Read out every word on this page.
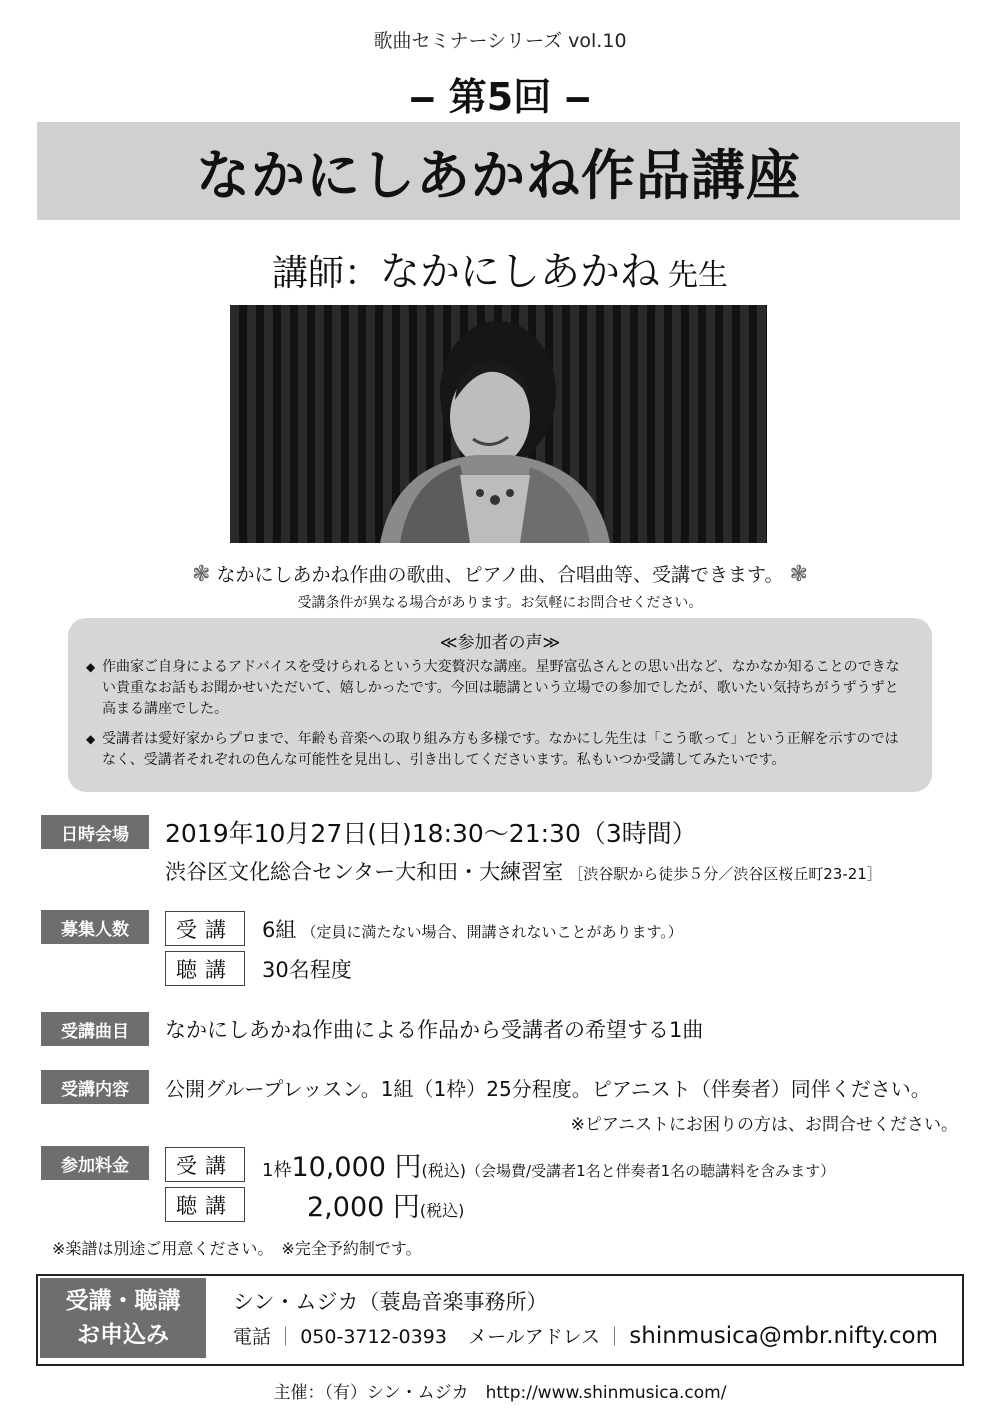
歌曲セミナーシリーズ vol.10
‒ 第5回 ‒
なかにしあかね作品講座
講師：なかにしあかね 先生
❃ なかにしあかね作曲の歌曲、ピアノ曲、合唱曲等、受講できます。 ❃
受講条件が異なる場合があります。お気軽にお問合せください。
≪参加者の声≫
◆ 作曲家ご自身によるアドバイスを受けられるという大変贅沢な講座。星野富弘さんとの思い出など、なかなか知ることのできない貴重なお話もお聞かせいただいて、嬉しかったです。今回は聴講という立場での参加でしたが、歌いたい気持ちがうずうずと高まる講座でした。
◆ 受講者は愛好家からプロまで、年齢も音楽への取り組み方も多様です。なかにし先生は「こう歌って」という正解を示すのではなく、受講者それぞれの色んな可能性を見出し、引き出してくださいます。私もいつか受講してみたいです。
日時会場	2019年10月27日(日)18:30〜21:30（3時間）
渋谷区文化総合センター大和田・大練習室 ［渋谷駅から徒歩５分／渋谷区桜丘町23-21］
募集人数	受講	6組 （定員に満たない場合、開講されないことがあります。）
聴講	30名程度
受講曲目	なかにしあかね作曲による作品から受講者の希望する1曲
受講内容	公開グループレッスン。1組（1枠）25分程度。ピアニスト（伴奏者）同伴ください。
※ピアニストにお困りの方は、お問合せください。
参加料金	受講	1枠10,000 円(税込)（会場費/受講者1名と伴奏者1名の聴講料を含みます）
聴講	2,000 円(税込)
※楽譜は別途ご用意ください。　※完全予約制です。
受講・聴講
お申込み
シン・ムジカ（蓑島音楽事務所）
電話 ｜ 050-3712-0393 メールアドレス ｜ shinmusica@mbr.nifty.com
主催：（有）シン・ムジカ　http://www.shinmusica.com/
